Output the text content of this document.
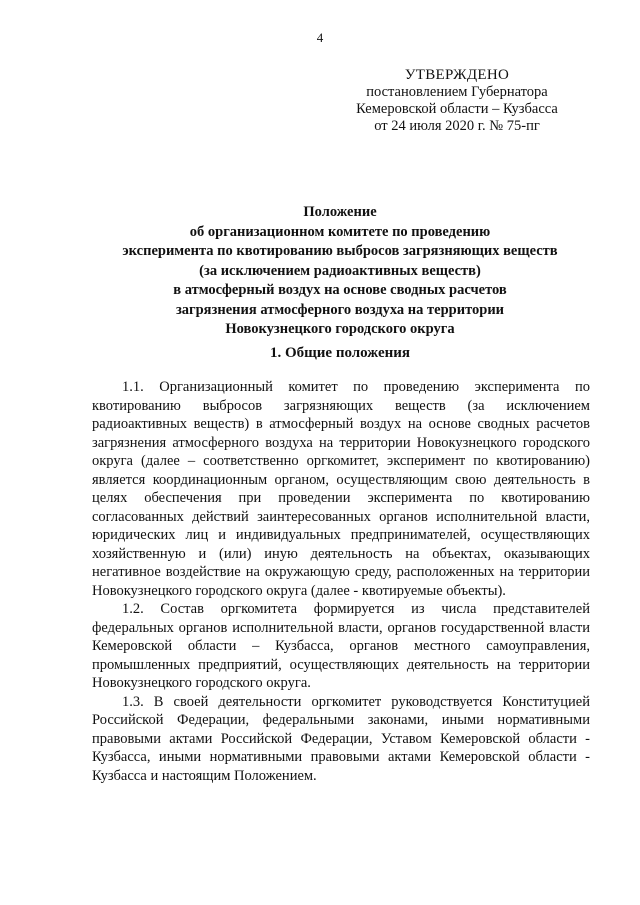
4
УТВЕРЖДЕНО
постановлением Губернатора
Кемеровской области – Кузбасса
от 24 июля 2020 г. № 75-пг
Положение
об организационном комитете по проведению
эксперимента по квотированию выбросов загрязняющих веществ
(за исключением радиоактивных веществ)
в атмосферный воздух на основе сводных расчетов
загрязнения атмосферного воздуха на территории
Новокузнецкого городского округа
1. Общие положения

1.1. Организационный комитет по проведению эксперимента по квотированию выбросов загрязняющих веществ (за исключением радиоактивных веществ) в атмосферный воздух на основе сводных расчетов загрязнения атмосферного воздуха на территории Новокузнецкого городского округа (далее – соответственно оргкомитет, эксперимент по квотированию) является координационным органом, осуществляющим свою деятельность в целях обеспечения при проведении эксперимента по квотированию согласованных действий заинтересованных органов исполнительной власти, юридических лиц и индивидуальных предпринимателей, осуществляющих хозяйственную и (или) иную деятельность на объектах, оказывающих негативное воздействие на окружающую среду, расположенных на территории Новокузнецкого городского округа (далее - квотируемые объекты).

1.2. Состав оргкомитета формируется из числа представителей федеральных органов исполнительной власти, органов государственной власти Кемеровской области – Кузбасса, органов местного самоуправления, промышленных предприятий, осуществляющих деятельность на территории Новокузнецкого городского округа.

1.3. В своей деятельности оргкомитет руководствуется Конституцией Российской Федерации, федеральными законами, иными нормативными правовыми актами Российской Федерации, Уставом Кемеровской области - Кузбасса, иными нормативными правовыми актами Кемеровской области - Кузбасса и настоящим Положением.
